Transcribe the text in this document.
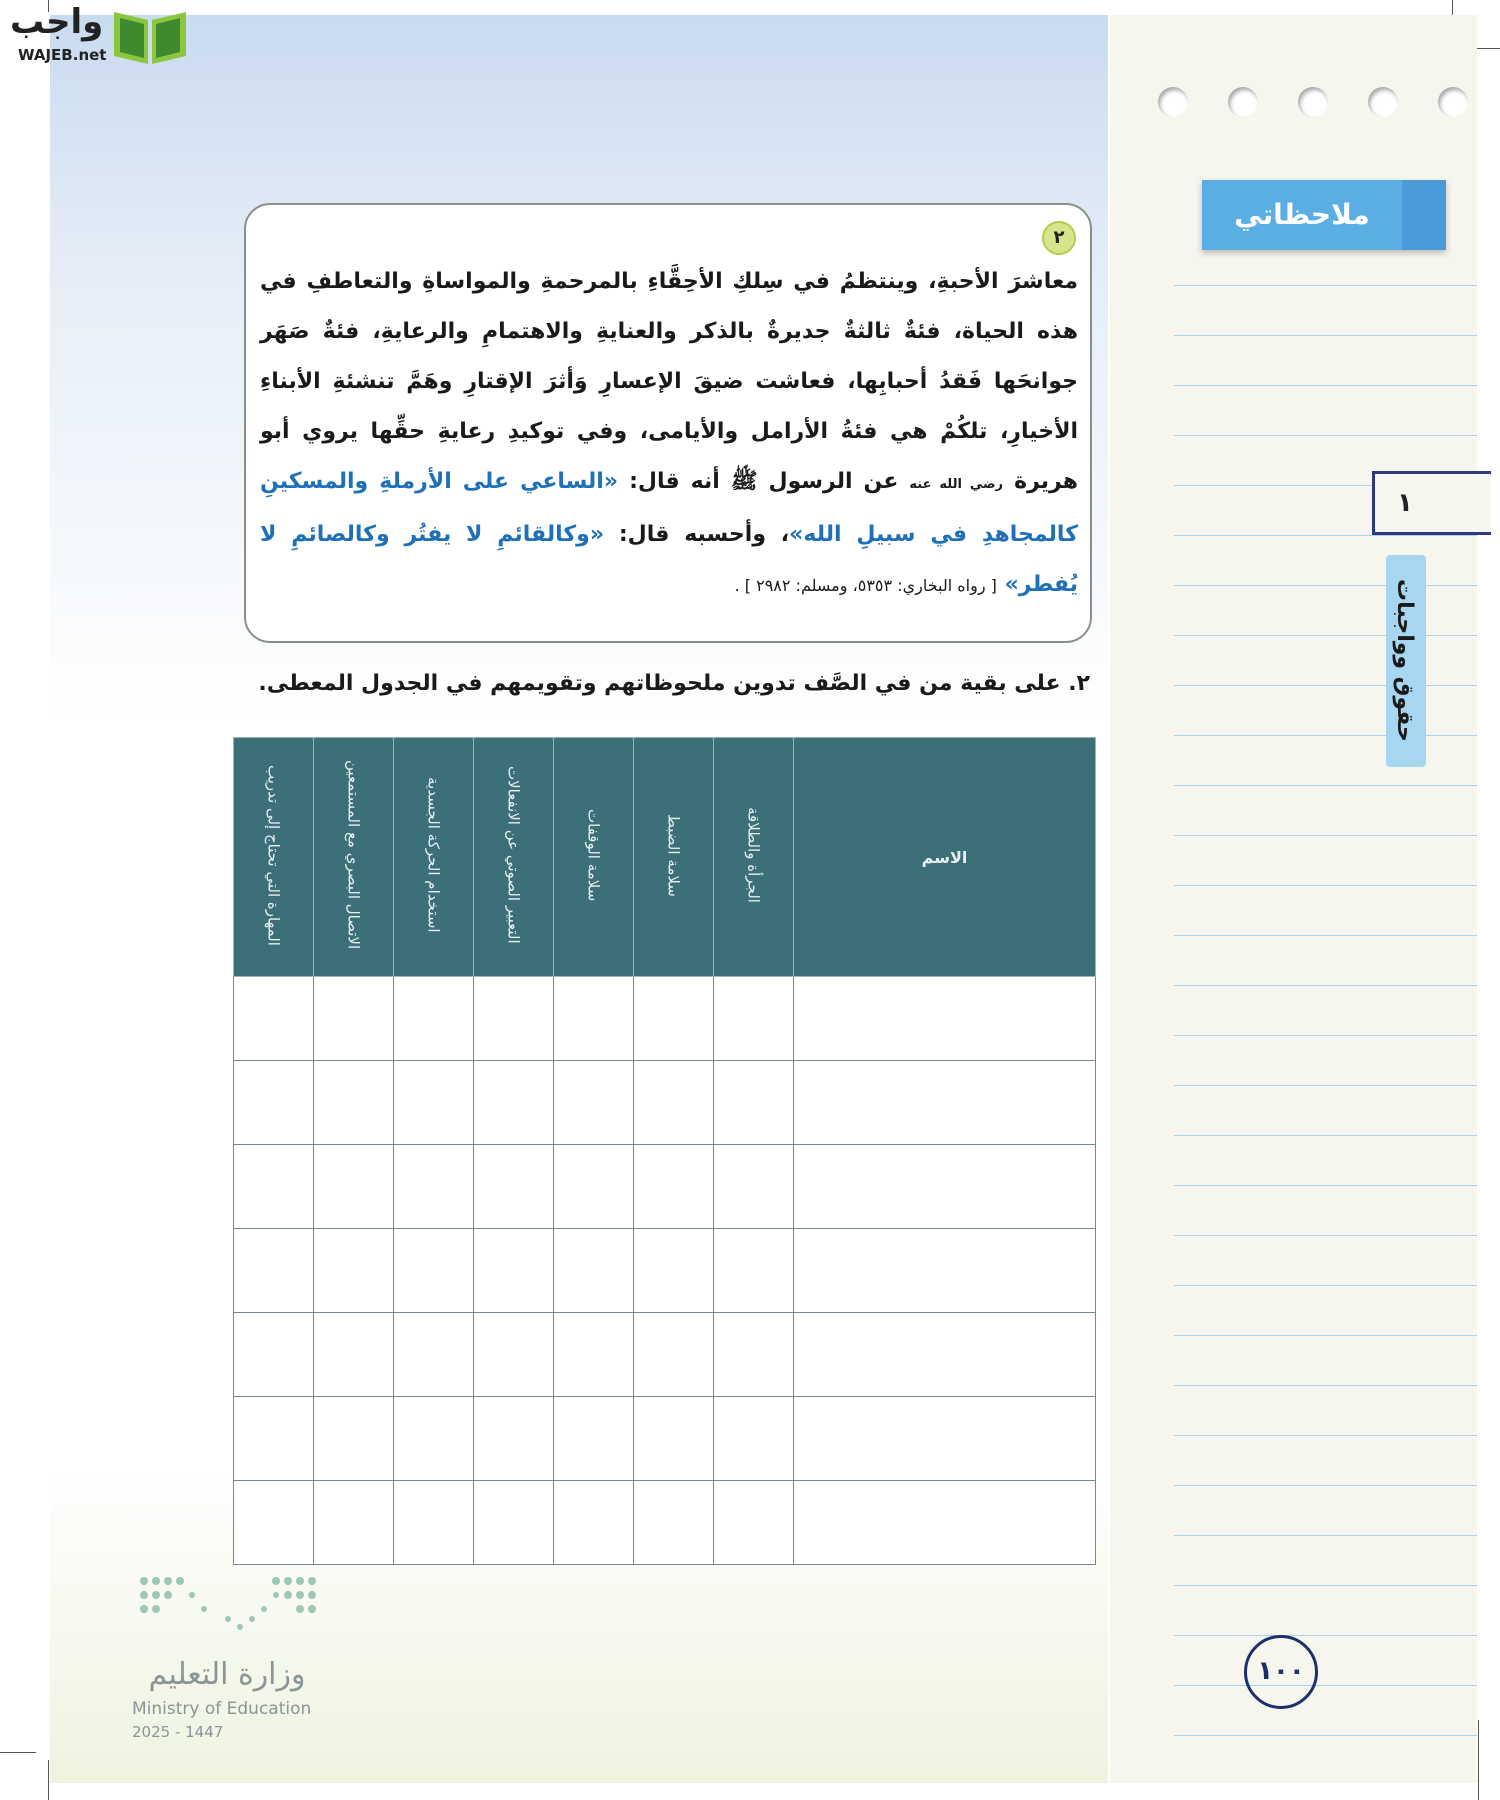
٢
معاشرَ الأحبةِ، وينتظمُ في سِلكِ الأحِقَّاءِ بالمرحمةِ والمواساةِ والتعاطفِ في هذه الحياة، فئةٌ ثالثةٌ جديرةٌ بالذكر والعنايةِ والاهتمامِ والرعايةِ، فئةٌ صَهَر جوانحَها فَقدُ أحبابِها، فعاشت ضيقَ الإعسارِ وَأثرَ الإقتارِ وهَمَّ تنشئةِ الأبناءِ الأخيارِ، تلكُمْ هي فئةُ الأرامل والأيامى، وفي توكيدِ رعايةِ حقِّها يروي أبو هريرة رضي الله عنه عن الرسول ﷺ أنه قال: «الساعي على الأرملةِ والمسكينِ كالمجاهدِ في سبيلِ الله»، وأحسبه قال: «وكالقائمِ لا يفتُر وكالصائمِ لا يُفطر» [ رواه البخاري: ٥٣٥٣، ومسلم: ٢٩٨٢ ] .
٢. على بقية من في الصَّف تدوين ملحوظاتهم وتقويمهم في الجدول المعطى.
المهارة التي تحتاج إلى تدريب	الاتصال البصري مع المستمعين	استخدام الحركة الجسدية	التعبير الصوتي عن الانفعالات	سلامة الوقفات	سلامة الضبط	الجرأة والطلاقة	الاسم

وزارة التعليم
Ministry of Education
2025 - 1447
واجب
WAJEB.net
ملاحظاتي
١
حقوق وواجبات
١٠٠
